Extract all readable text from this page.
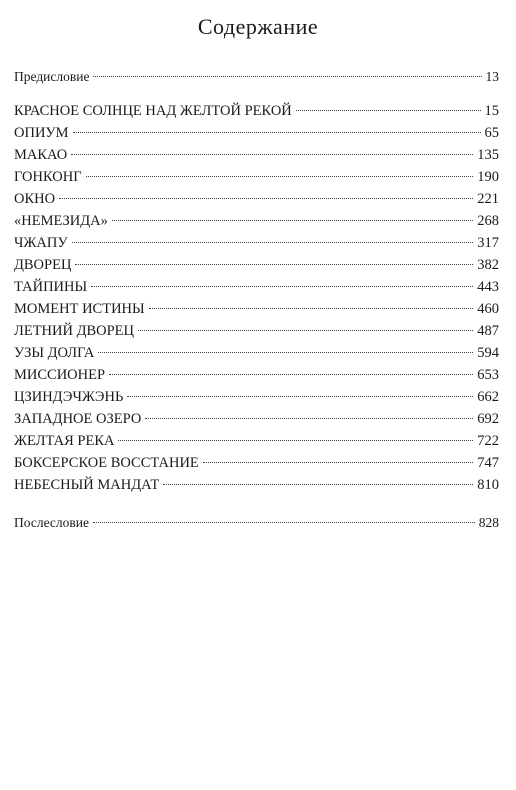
Содержание
Предисловие	13
КРАСНОЕ СОЛНЦЕ НАД ЖЕЛТОЙ РЕКОЙ	15
ОПИУМ	65
МАКАО	135
ГОНКОНГ	190
ОКНО	221
«НЕМЕЗИДА»	268
ЧЖАПУ	317
ДВОРЕЦ	382
ТАЙПИНЫ	443
МОМЕНТ ИСТИНЫ	460
ЛЕТНИЙ ДВОРЕЦ	487
УЗЫ ДОЛГА	594
МИССИОНЕР	653
ЦЗИНДЭЧЖЭНЬ	662
ЗАПАДНОЕ ОЗЕРО	692
ЖЕЛТАЯ РЕКА	722
БОКСЕРСКОЕ ВОССТАНИЕ	747
НЕБЕСНЫЙ МАНДАТ	810
Послесловие	828
